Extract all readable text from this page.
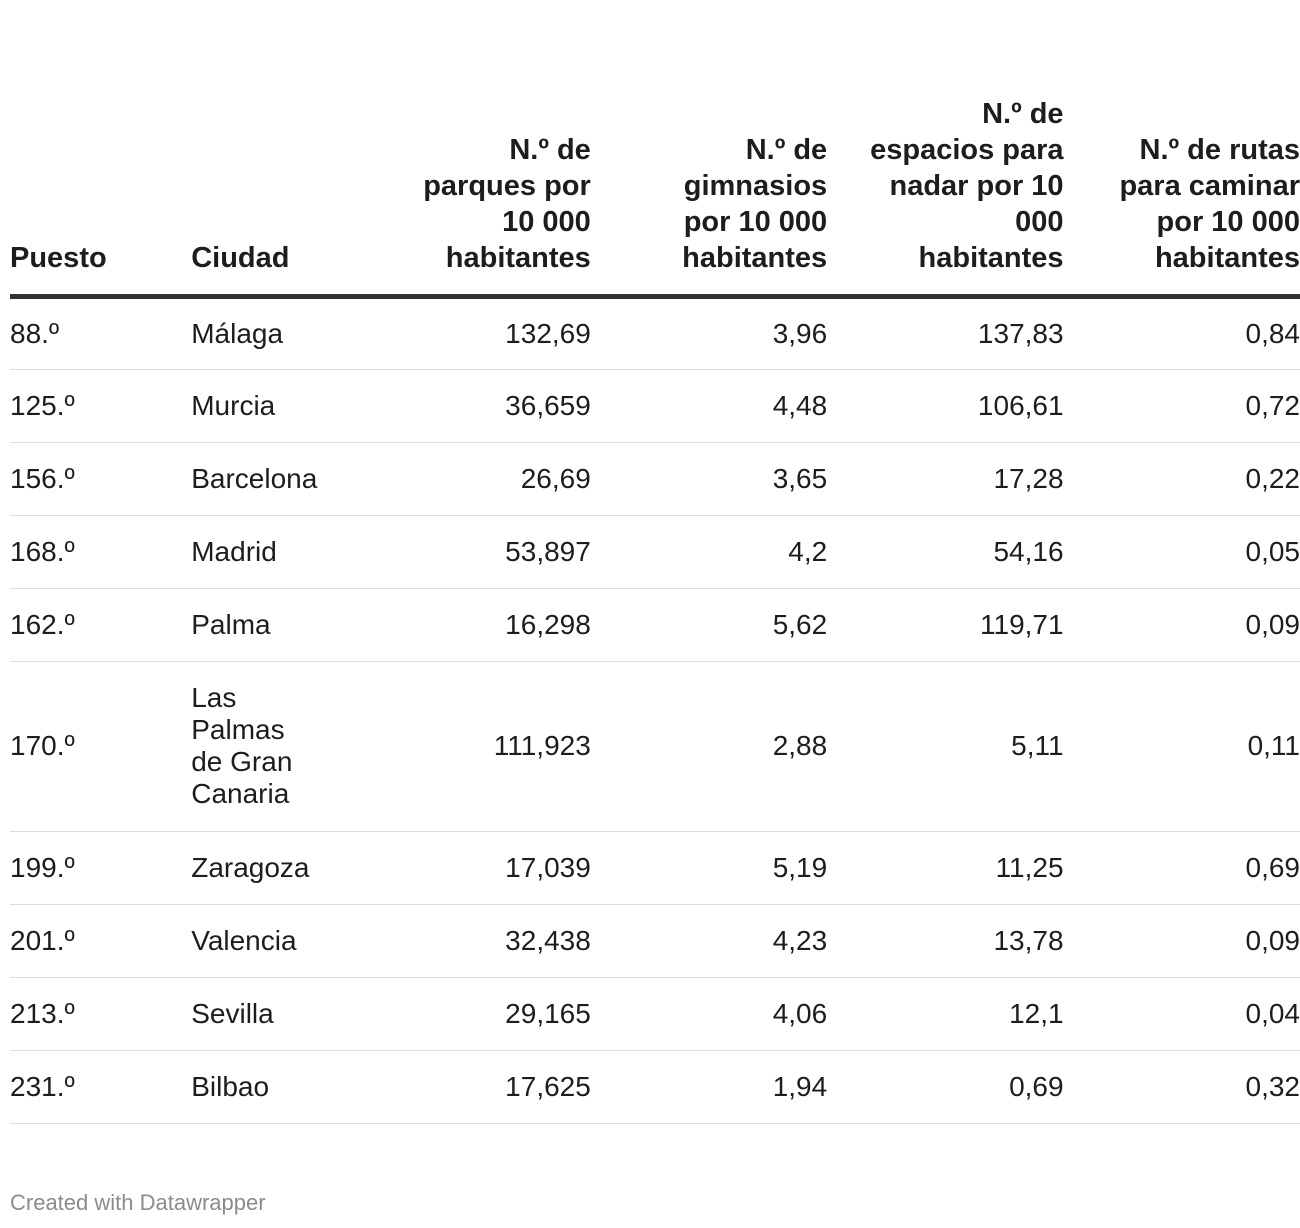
Puesto	Ciudad	N.º de parques por 10 000 habitantes	N.º de gimnasios por 10 000 habitantes	N.º de espacios para nadar por 10 000 habitantes	N.º de rutas para caminar por 10 000 habitantes

88.º	Málaga	132,69	3,96	137,83	0,84
125.º	Murcia	36,659	4,48	106,61	0,72
156.º	Barcelona	26,69	3,65	17,28	0,22
168.º	Madrid	53,897	4,2	54,16	0,05
162.º	Palma	16,298	5,62	119,71	0,09
170.º	Las Palmas de Gran Canaria	111,923	2,88	5,11	0,11
199.º	Zaragoza	17,039	5,19	11,25	0,69
201.º	Valencia	32,438	4,23	13,78	0,09
213.º	Sevilla	29,165	4,06	12,1	0,04
231.º	Bilbao	17,625	1,94	0,69	0,32
Created with Datawrapper
